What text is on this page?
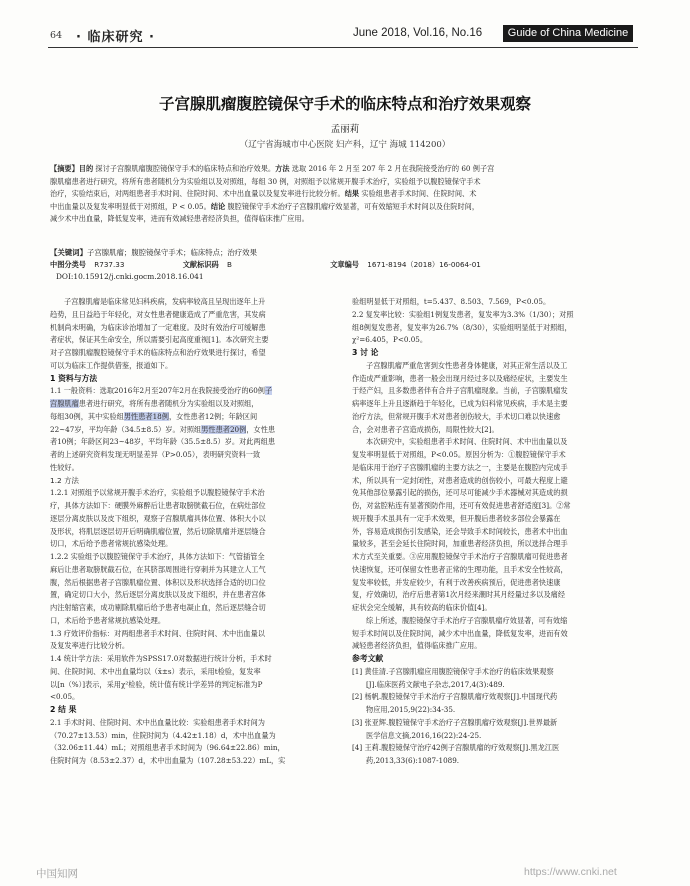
64 · 临床研究 ·	June 2018, Vol.16, No.16	Guide of China Medicine
子宫腺肌瘤腹腔镜保守手术的临床特点和治疗效果观察
孟丽莉
（辽宁省海城市中心医院 妇产科，辽宁 海城 114200）
【摘要】目的 探讨子宫腺肌瘤腹腔镜保守手术的临床特点和治疗效果。方法 选取 2016 年 2 月至 207 年 2 月在我院接受治疗的 60 例子宫
腺肌瘤患者进行研究，将所有患者随机分为实验组以及对照组，每组 30 例，对照组予以常规开腹手术治疗，实验组予以腹腔镜保守手术
治疗，实验结束后，对两组患者手术时间、住院时间、术中出血量以及复发率进行比较分析。结果 实验组患者手术时间、住院时间、术
中出血量以及复发率明显低于对照组，P < 0.05。结论 腹腔镜保守手术治疗子宫腺肌瘤疗效显著，可有效缩短手术时间以及住院时间，
减少术中出血量，降低复发率，进而有效减轻患者经济负担，值得临床推广应用。
【关键词】子宫腺肌瘤；腹腔镜保守手术；临床特点；治疗效果
中图分类号 R737.33	文献标识码 B	文章编号 1671-8194（2018）16-0064-01
DOI:10.15912/j.cnki.gocm.2018.16.041
子宫腺肌瘤是临床常见妇科疾病，发病率较高且呈现出逐年上升
趋势，且日益趋于年轻化，对女性患者健康造成了严重危害，其发病
机制尚未明确，为临床诊治增加了一定难度。及时有效治疗可缓解患
者症状，保证其生命安全，所以需要引起高度重视[1]。本次研究主要
对子宫腺肌瘤腹腔镜保守手术的临床特点和治疗效果进行探讨，希望
可以为临床工作提供借鉴，报道如下。
1 资料与方法
1.1 一般资料：选取2016年2月至207年2月在我院接受治疗的60例子
宫腺肌瘤患者进行研究，将所有患者随机分为实验组以及对照组，
每组30例，其中实验组男性患者18例，女性患者12例；年龄区间
22~47岁，平均年龄（34.5±8.5）岁。对照组男性患者20例，女性患
者10例；年龄区间23~48岁，平均年龄（35.5±8.5）岁。对此两组患
者的上述研究资料发现无明显差异（P>0.05），表明研究资料一致
性较好。
1.2 方法
1.2.1 对照组予以常规开腹手术治疗，实验组予以腹腔镜保守手术治
疗，具体方法如下：硬膜外麻醉后让患者取膀胱截石位，在病灶部位
逐层分离皮肤以及皮下组织，观察子宫腺肌瘤具体位置、体积大小以
及形状，将肌层逐层切开后明确肌瘤位置，然后切除肌瘤并逐层缝合
切口，术后给予患者常规抗感染处理。
1.2.2 实验组予以腹腔镜保守手术治疗，具体方法如下：气管插管全
麻后让患者取膀胱截石位，在其脐部周围进行穿刺并为其建立人工气
腹，然后根据患者子宫腺肌瘤位置、体积以及形状选择合适的切口位
置，确定切口大小，然后逐层分离皮肤以及皮下组织，并在患者宫体
内注射缩宫素，成功剔除肌瘤后给予患者电凝止血，然后逐层缝合切
口，术后给予患者常规抗感染处理。
1.3 疗效评价指标：对两组患者手术时间、住院时间、术中出血量以
及复发率进行比较分析。
1.4 统计学方法：采用软件为SPSS17.0对数据进行统计分析，手术时
间、住院时间、术中出血量均以（x̄±s）表示，采用t检验，复发率
以[n（%）]表示，采用χ²检验，统计值有统计学差异的判定标准为P
<0.05。
2 结 果
2.1 手术时间、住院时间、术中出血量比较：实验组患者手术时间为
（70.27±13.53）min，住院时间为（4.42±1.18）d，术中出血量为
（32.06±11.44）mL；对照组患者手术时间为（96.64±22.86）min，
住院时间为（8.53±2.37）d，术中出血量为（107.28±53.22）mL，实
验组明显低于对照组，t=5.437、8.503、7.569，P<0.05。
2.2 复发率比较：实验组1例复发患者，复发率为3.3%（1/30）；对照
组8例复发患者，复发率为26.7%（8/30），实验组明显低于对照组，
χ²=6.405，P<0.05。
3 讨 论
子宫腺肌瘤严重危害到女性患者身体健康，对其正常生活以及工
作造成严重影响，患者一般会出现月经过多以及痛经症状，主要发生
于经产妇，且多数患者伴有合并子宫肌瘤现象。当前，子宫腺肌瘤发
病率逐年上升且逐渐趋于年轻化，已成为妇科常见疾病，手术是主要
治疗方法，但常规开腹手术对患者创伤较大，手术切口难以快速愈
合，会对患者子宫造成损伤，局限性较大[2]。
本次研究中，实验组患者手术时间、住院时间、术中出血量以及
复发率明显低于对照组，P<0.05。原因分析为：①腹腔镜保守手术
是临床用于治疗子宫腺肌瘤的主要方法之一，主要是在腹腔内完成手
术，所以具有一定封闭性，对患者造成的创伤较小，可最大程度上避
免其他部位暴露引起的损伤，还可尽可能减少手术器械对其造成的损
伤，对盆腔粘连有显著预防作用，还可有效促进患者舒适度[3]。②常
规开腹手术虽具有一定手术效果，但开腹后患者较多部位会暴露在
外，容易造成损伤引发感染，还会导致手术时间较长，患者术中出血
量较多，甚至会延长住院时间，加重患者经济负担，所以选择合理手
术方式至关重要。③应用腹腔镜保守手术治疗子宫腺肌瘤可促进患者
快速恢复，还可保留女性患者正常的生理功能，且手术安全性较高，
复发率较低，并发症较少，有利于改善疾病预后，促进患者快速康
复，疗效确切，治疗后患者第1次月经来潮时其月经量过多以及痛经
症状会完全缓解，具有较高的临床价值[4]。
综上所述，腹腔镜保守手术治疗子宫腺肌瘤疗效显著，可有效缩
短手术时间以及住院时间，减少术中出血量，降低复发率，进而有效
减轻患者经济负担，值得临床推广应用。
参考文献
[1] 黄佳清.子宫腺肌瘤应用腹腔镜保守手术治疗的临床效果观察
[J].临床医药文献电子杂志,2017,4(3):489.
[2] 杨帆.腹腔镜保守手术治疗子宫腺肌瘤疗效观察[J].中国现代药
物应用,2015,9(22):34-35.
[3] 张亚辉.腹腔镜保守手术治疗子宫腺肌瘤疗效观察[J].世界最新
医学信息文摘,2016,16(22):24-25.
[4] 王莉.腹腔镜保守治疗42例子宫腺肌瘤的疗效观察[J].黑龙江医
药,2013,33(6):1087-1089.
中国知网	https://www.cnki.net
